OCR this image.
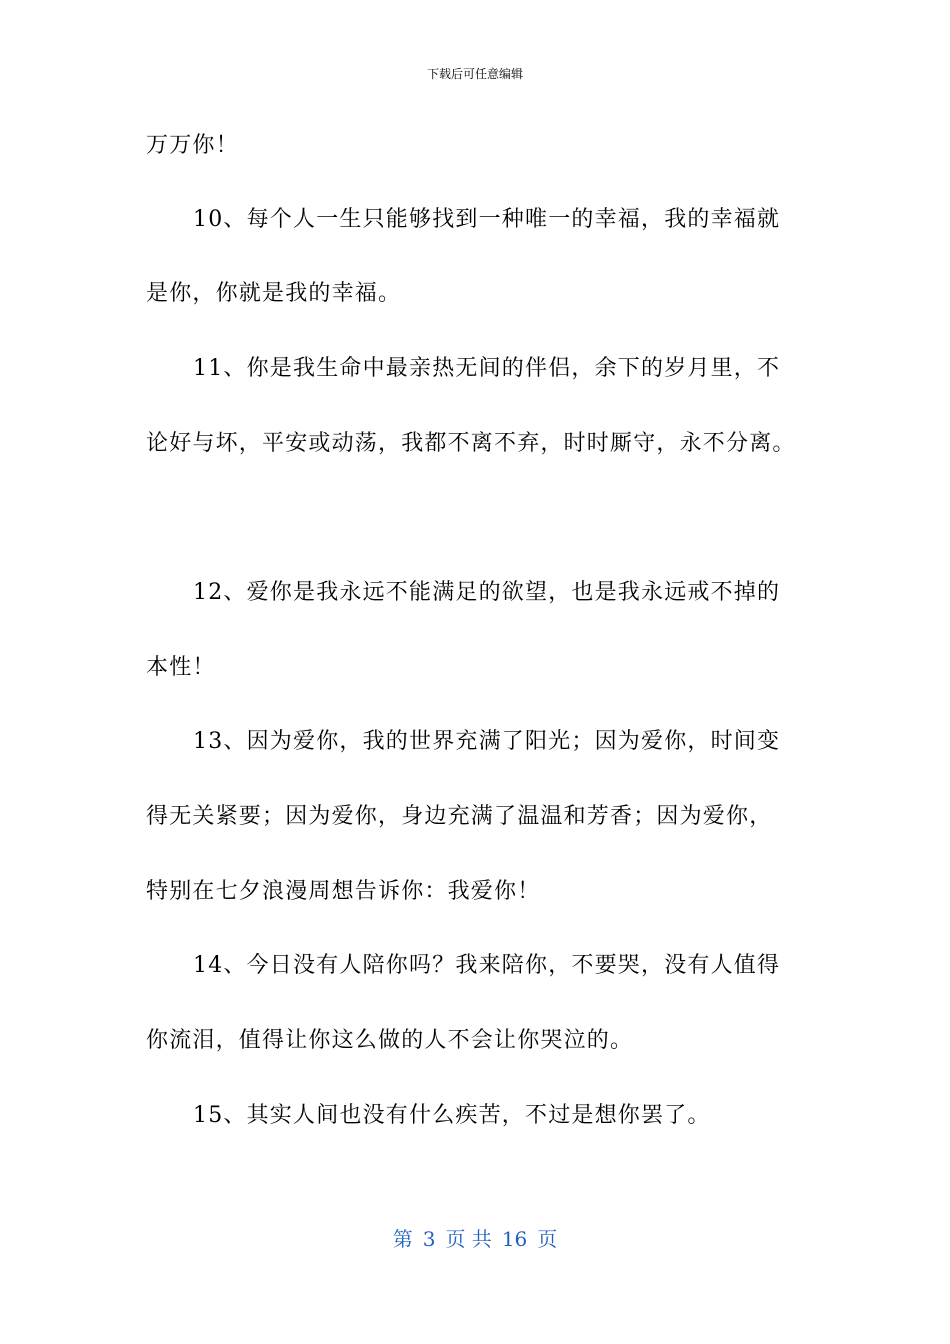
下载后可任意编辑
万万你！
10、每个人一生只能够找到一种唯一的幸福，我的幸福就
是你，你就是我的幸福。
11、你是我生命中最亲热无间的伴侣，余下的岁月里，不
论好与坏，平安或动荡，我都不离不弃，时时厮守，永不分离。
12、爱你是我永远不能满足的欲望，也是我永远戒不掉的
本性！
13、因为爱你，我的世界充满了阳光；因为爱你，时间变
得无关紧要；因为爱你，身边充满了温温和芳香；因为爱你，
特别在七夕浪漫周想告诉你：我爱你！
14、今日没有人陪你吗？我来陪你，不要哭，没有人值得
你流泪，值得让你这么做的人不会让你哭泣的。
15、其实人间也没有什么疾苦，不过是想你罢了。
第 3 页 共 16 页
